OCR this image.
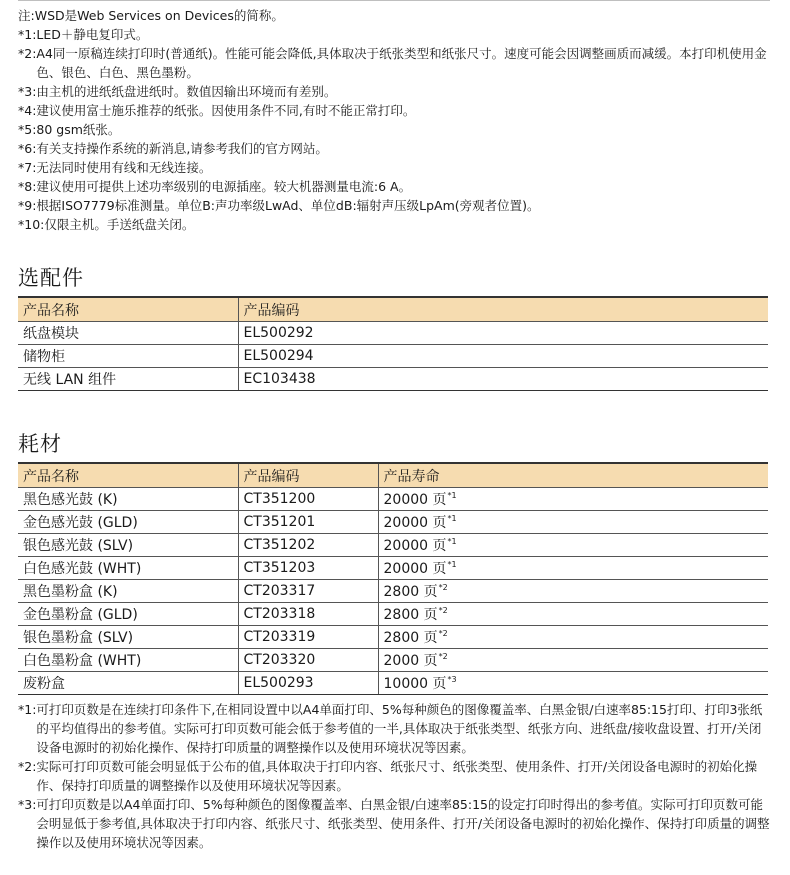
注: WSD是Web Services on Devices的简称。
*1: LED＋静电复印式。
*2: A4同一原稿连续打印时(普通纸)。性能可能会降低,具体取决于纸张类型和纸张尺寸。速度可能会因调整画质而减缓。本打印机使用金色、银色、白色、黑色墨粉。
*3: 由主机的进纸纸盘进纸时。数值因输出环境而有差别。
*4: 建议使用富士施乐推荐的纸张。因使用条件不同,有时不能正常打印。
*5: 80 gsm纸张。
*6: 有关支持操作系统的新消息,请参考我们的官方网站。
*7: 无法同时使用有线和无线连接。
*8: 建议使用可提供上述功率级别的电源插座。较大机器测量电流:6 A。
*9: 根据ISO7779标准测量。单位B:声功率级LwAd、单位dB:辐射声压级LpAm(旁观者位置)。
*10: 仅限主机。手送纸盘关闭。
选配件
产品名称	产品编码
纸盘模块	EL500292
储物柜	EL500294
无线 LAN 组件	EC103438
耗材
产品名称	产品编码	产品寿命
黑色感光鼓 (K)	CT351200	20000 页$^{*1}$
金色感光鼓 (GLD)	CT351201	20000 页$^{*1}$
银色感光鼓 (SLV)	CT351202	20000 页$^{*1}$
白色感光鼓 (WHT)	CT351203	20000 页$^{*1}$
黑色墨粉盒 (K)	CT203317	2800 页$^{*2}$
金色墨粉盒 (GLD)	CT203318	2800 页$^{*2}$
银色墨粉盒 (SLV)	CT203319	2800 页$^{*2}$
白色墨粉盒 (WHT)	CT203320	2000 页$^{*2}$
废粉盒	EL500293	10000 页$^{*3}$
*1: 可打印页数是在连续打印条件下,在相同设置中以A4单面打印、5%每种颜色的图像覆盖率、白黑金银/白速率85:15打印、打印3张纸的平均值得出的参考值。实际可打印页数可能会低于参考值的一半,具体取决于纸张类型、纸张方向、进纸盘/接收盘设置、打开/关闭设备电源时的初始化操作、保持打印质量的调整操作以及使用环境状况等因素。
*2: 实际可打印页数可能会明显低于公布的值,具体取决于打印内容、纸张尺寸、纸张类型、使用条件、打开/关闭设备电源时的初始化操作、保持打印质量的调整操作以及使用环境状况等因素。
*3: 可打印页数是以A4单面打印、5%每种颜色的图像覆盖率、白黑金银/白速率85:15的设定打印时得出的参考值。实际可打印页数可能会明显低于参考值,具体取决于打印内容、纸张尺寸、纸张类型、使用条件、打开/关闭设备电源时的初始化操作、保持打印质量的调整操作以及使用环境状况等因素。
